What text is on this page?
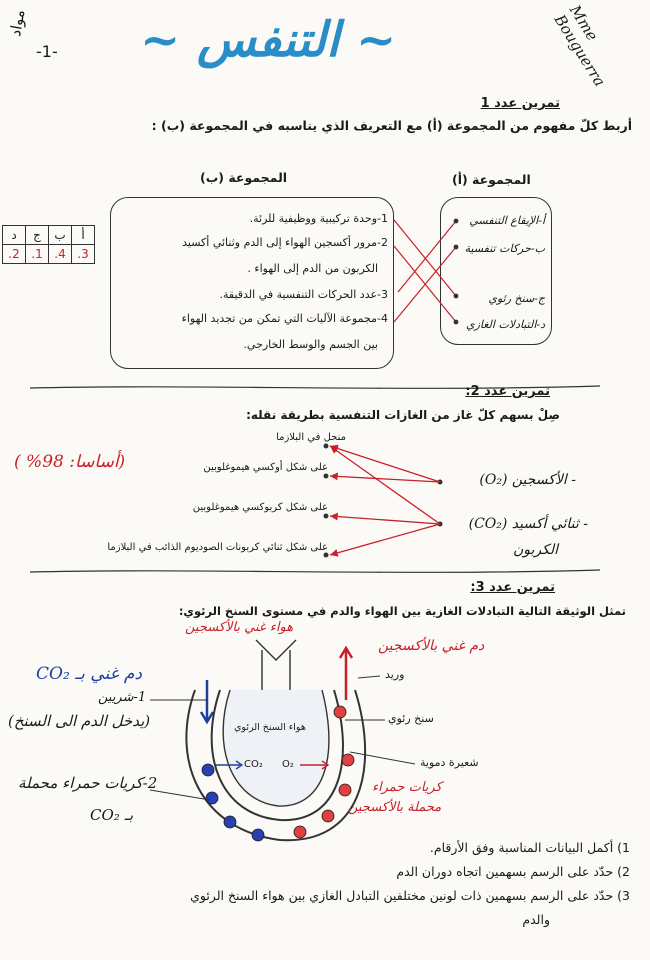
مواد
-1- ~ التنفس ~	Mme Bouguerra
تمرين عدد 1
أربط كلّ مفهوم من المجموعة (أ) مع التعريف الذي يناسبه في المجموعة (ب) :
المجموعة (ب)	المجموعة (أ)
1-وحدة تركيبية ووظيفية للرئة.
2-مرور أكسجين الهواء إلى الدم وثنائي أكسيد
الكربون من الدم إلى الهواء .
3-عدد الحركات التنفسية في الدقيقة.
4-مجموعة الآليات التي تمكن من تجديد الهواء
بين الجسم والوسط الخارجي.
أ-الإيقاع التنفسي
ب-حركات تنفسية
ج-سنخ رئوي
د-التبادلات الغازي
أ	ب	ج	د
3.	4.	1.	2.
تمرين عدد 2:
صِلْ بسهم كلّ غاز من الغازات التنفسية بطريقة نقله:
منحل في البلازما
على شكل أوكسي هيموغلوبين
على شكل كربوكسي هيموغلوبين
على شكل ثنائي كربونات الصوديوم الذائب في البلازما
(أساسا: 98% )
- الأكسجين (O₂)
- ثنائي أكسيد (CO₂)
الكربون
تمرين عدد 3:
تمثل الوثيقة التالية التبادلات الغازية بين الهواء والدم في مستوى السنخ الرئوي:
هواء غني بالأكسجين
دم غني بالأكسجين
دم غني بـ CO₂	وريد
1-شريين
(يدخل الدم الى السنخ)	هواء السنخ الرئوي
سنخ رئوي
شعيرة دموية
CO₂ O₂
2-كريات حمراء محملة
بـ CO₂
كريات حمراء
محملة بالأكسجين
1) أكمل البيانات المناسبة وفق الأرقام.
2) حدّد على الرسم بسهمين اتجاه دوران الدم
3) حدّد على الرسم بسهمين ذات لونين مختلفين التبادل الغازي بين هواء السنخ الرئوي
والدم
